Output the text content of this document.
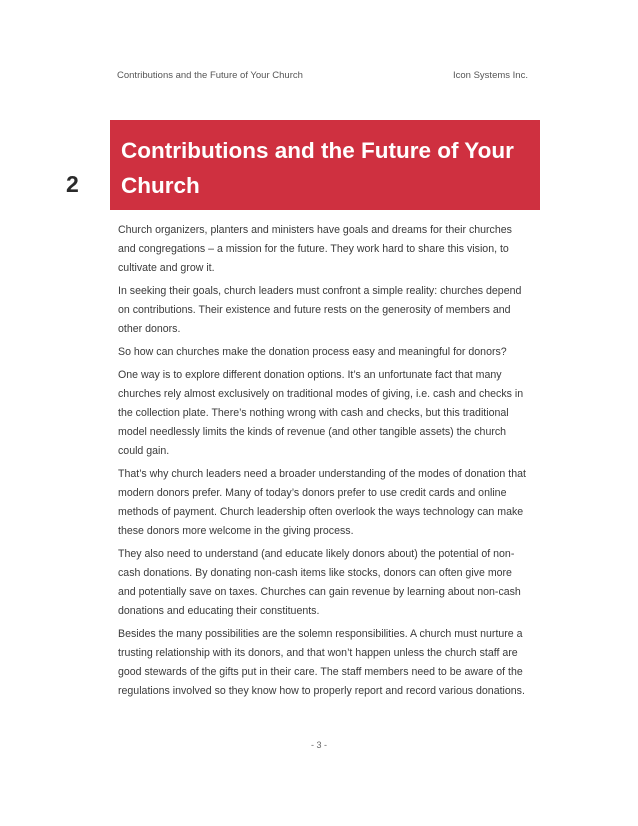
Contributions and the Future of Your Church	Icon Systems Inc.
2
Contributions and the Future of Your
Church

Church organizers, planters and ministers have goals and dreams for their churches and congregations – a mission for the future. They work hard to share this vision, to cultivate and grow it.

In seeking their goals, church leaders must confront a simple reality: churches depend on contributions. Their existence and future rests on the generosity of members and other donors.

So how can churches make the donation process easy and meaningful for donors?

One way is to explore different donation options. It’s an unfortunate fact that many churches rely almost exclusively on traditional modes of giving, i.e. cash and checks in the collection plate. There’s nothing wrong with cash and checks, but this traditional model needlessly limits the kinds of revenue (and other tangible assets) the church could gain.

That’s why church leaders need a broader understanding of the modes of donation that modern donors prefer. Many of today’s donors prefer to use credit cards and online methods of payment. Church leadership often overlook the ways technology can make these donors more welcome in the giving process.

They also need to understand (and educate likely donors about) the potential of non-cash donations. By donating non-cash items like stocks, donors can often give more and potentially save on taxes. Churches can gain revenue by learning about non-cash donations and educating their constituents.

Besides the many possibilities are the solemn responsibilities. A church must nurture a trusting relationship with its donors, and that won’t happen unless the church staff are good stewards of the gifts put in their care. The staff members need to be aware of the regulations involved so they know how to properly report and record various donations.

- 3 -
